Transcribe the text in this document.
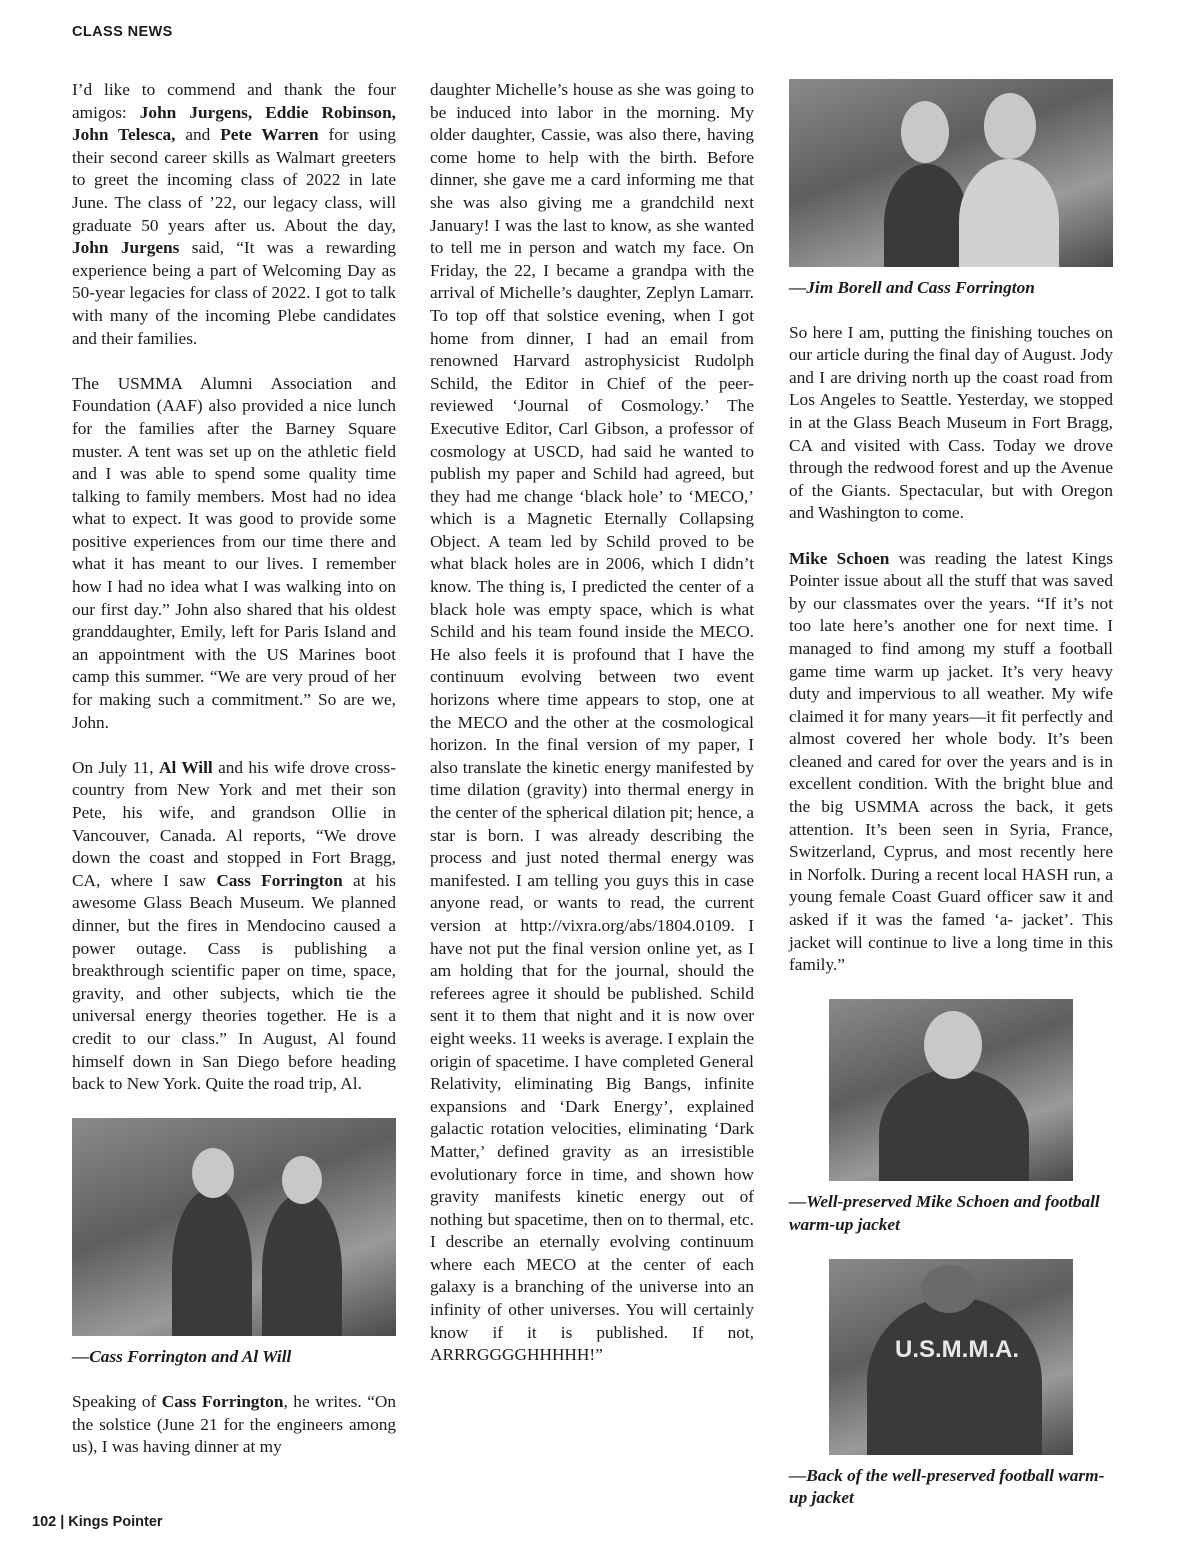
CLASS NEWS

I’d like to commend and thank the four amigos: John Jurgens, Eddie Robinson, John Telesca, and Pete Warren for using their second career skills as Walmart greeters to greet the incoming class of 2022 in late June. The class of ’22, our legacy class, will graduate 50 years after us. About the day, John Jurgens said, “It was a rewarding experience being a part of Welcoming Day as 50-year legacies for class of 2022. I got to talk with many of the incoming Plebe candidates and their families.

The USMMA Alumni Association and Foundation (AAF) also provided a nice lunch for the families after the Barney Square muster. A tent was set up on the athletic field and I was able to spend some quality time talking to family members. Most had no idea what to expect. It was good to provide some positive experiences from our time there and what it has meant to our lives. I remember how I had no idea what I was walking into on our first day.” John also shared that his oldest granddaughter, Emily, left for Paris Island and an appointment with the US Marines boot camp this summer. “We are very proud of her for making such a commitment.” So are we, John.

On July 11, Al Will and his wife drove cross-country from New York and met their son Pete, his wife, and grandson Ollie in Vancouver, Canada. Al reports, “We drove down the coast and stopped in Fort Bragg, CA, where I saw Cass Forrington at his awesome Glass Beach Museum. We planned dinner, but the fires in Mendocino caused a power outage. Cass is publishing a breakthrough scientific paper on time, space, gravity, and other subjects, which tie the universal energy theories together. He is a credit to our class.” In August, Al found himself down in San Diego before heading back to New York. Quite the road trip, Al.

—Cass Forrington and Al Will

Speaking of Cass Forrington, he writes. “On the solstice (June 21 for the engineers among us), I was having dinner at my

daughter Michelle’s house as she was going to be induced into labor in the morning. My older daughter, Cassie, was also there, having come home to help with the birth. Before dinner, she gave me a card informing me that she was also giving me a grandchild next January! I was the last to know, as she wanted to tell me in person and watch my face. On Friday, the 22, I became a grandpa with the arrival of Michelle’s daughter, Zeplyn Lamarr. To top off that solstice evening, when I got home from dinner, I had an email from renowned Harvard astrophysicist Rudolph Schild, the Editor in Chief of the peer-reviewed ‘Journal of Cosmology.’ The Executive Editor, Carl Gibson, a professor of cosmology at USCD, had said he wanted to publish my paper and Schild had agreed, but they had me change ‘black hole’ to ‘MECO,’ which is a Magnetic Eternally Collapsing Object. A team led by Schild proved to be what black holes are in 2006, which I didn’t know. The thing is, I predicted the center of a black hole was empty space, which is what Schild and his team found inside the MECO. He also feels it is profound that I have the continuum evolving between two event horizons where time appears to stop, one at the MECO and the other at the cosmological horizon. In the final version of my paper, I also translate the kinetic energy manifested by time dilation (gravity) into thermal energy in the center of the spherical dilation pit; hence, a star is born. I was already describing the process and just noted thermal energy was manifested. I am telling you guys this in case anyone read, or wants to read, the current version at http://vixra.org/abs/1804.0109. I have not put the final version online yet, as I am holding that for the journal, should the referees agree it should be published. Schild sent it to them that night and it is now over eight weeks. 11 weeks is average. I explain the origin of spacetime. I have completed General Relativity, eliminating Big Bangs, infinite expansions and ‘Dark Energy’, explained galactic rotation velocities, eliminating ‘Dark Matter,’ defined gravity as an irresistible evolutionary force in time, and shown how gravity manifests kinetic energy out of nothing but spacetime, then on to thermal, etc. I describe an eternally evolving continuum where each MECO at the center of each galaxy is a branching of the universe into an infinity of other universes. You will certainly know if it is published. If not, ARRRGGGGHHHHH!”

—Jim Borell and Cass Forrington

So here I am, putting the finishing touches on our article during the final day of August. Jody and I are driving north up the coast road from Los Angeles to Seattle. Yesterday, we stopped in at the Glass Beach Museum in Fort Bragg, CA and visited with Cass. Today we drove through the redwood forest and up the Avenue of the Giants. Spectacular, but with Oregon and Washington to come.

Mike Schoen was reading the latest Kings Pointer issue about all the stuff that was saved by our classmates over the years. “If it’s not too late here’s another one for next time. I managed to find among my stuff a football game time warm up jacket. It’s very heavy duty and impervious to all weather. My wife claimed it for many years—it fit perfectly and almost covered her whole body. It’s been cleaned and cared for over the years and is in excellent condition. With the bright blue and the big USMMA across the back, it gets attention. It’s been seen in Syria, France, Switzerland, Cyprus, and most recently here in Norfolk. During a recent local HASH run, a young female Coast Guard officer saw it and asked if it was the famed ‘a- jacket’. This jacket will continue to live a long time in this family.”

—Well-preserved Mike Schoen and football warm-up jacket
U.S.M.M.A.
—Back of the well-preserved football warm-up jacket
102 | Kings Pointer
